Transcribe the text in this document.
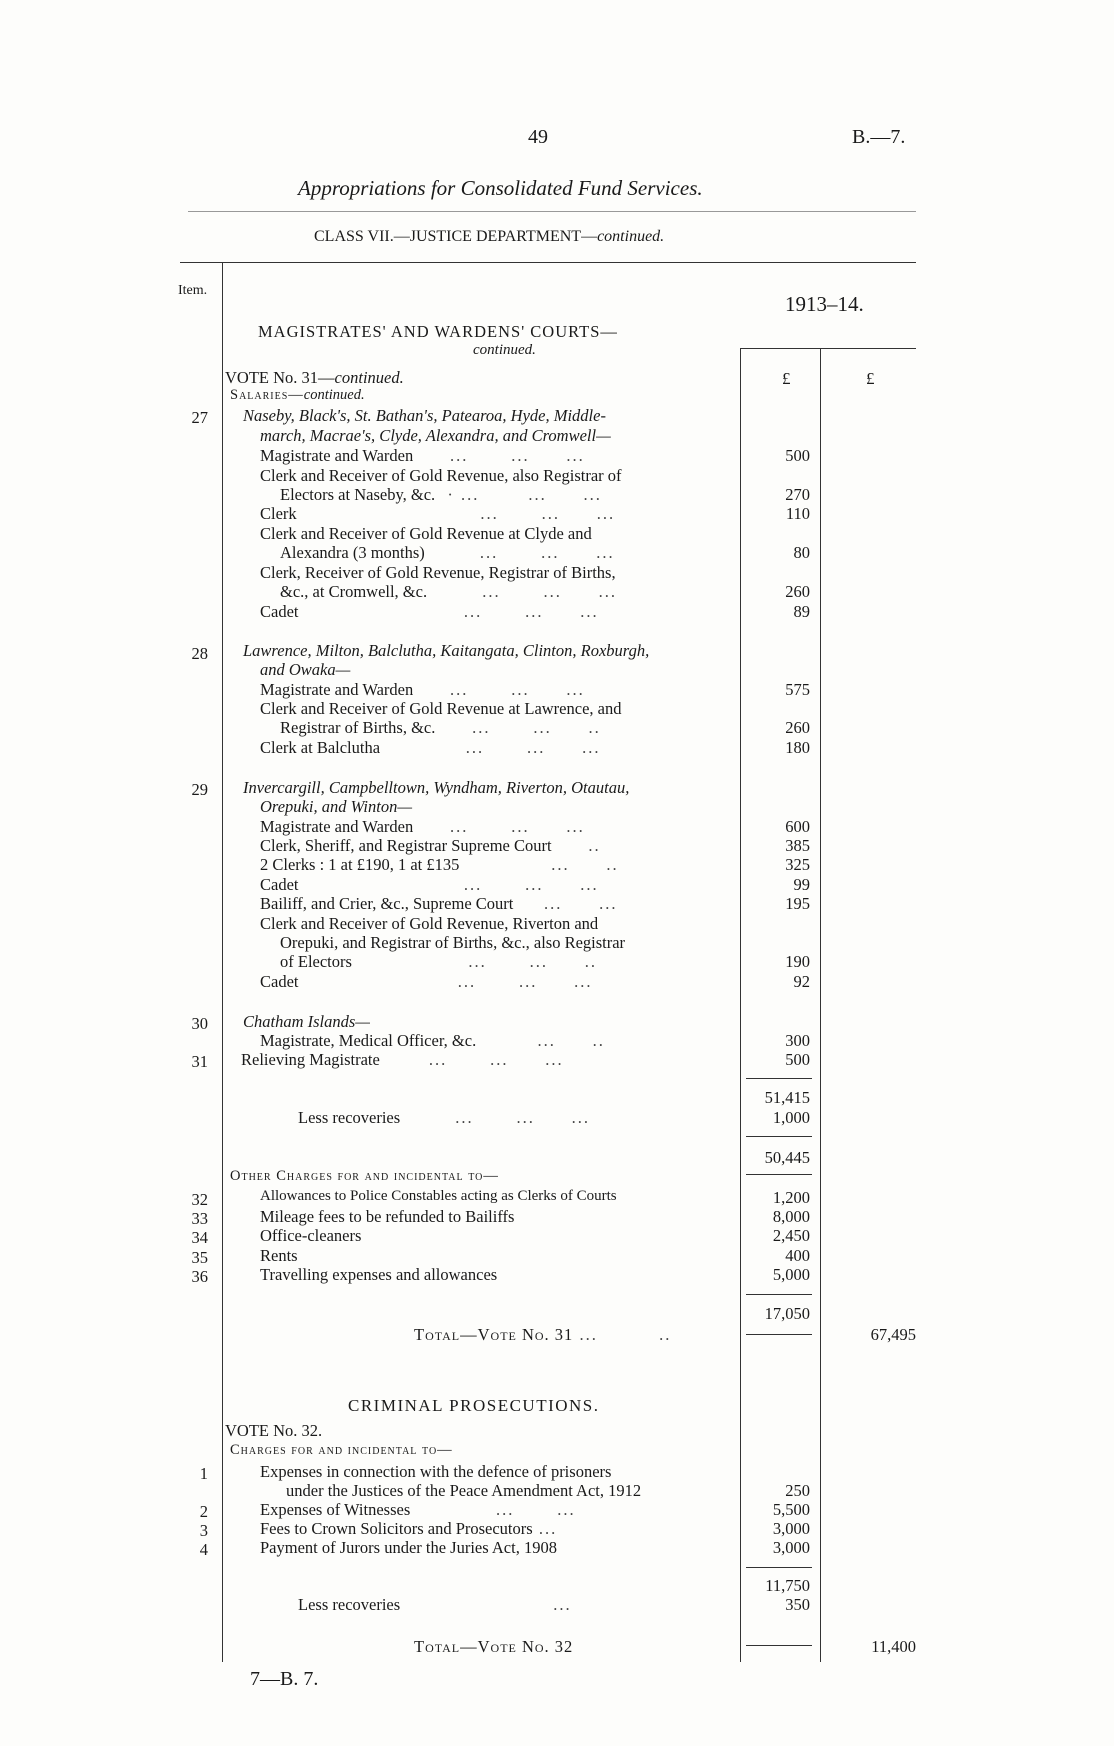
49	B.—7.
Appropriations for Consolidated Fund Services.
CLASS VII.—JUSTICE DEPARTMENT—continued.
Item.
1913–14.
£	£
MAGISTRATES' AND WARDENS' COURTS—
continued.
VOTE No. 31—continued.
Salaries—continued.
27 Naseby, Black's, St. Bathan's, Patearoa, Hyde, Middle-
march, Macrae's, Clyde, Alexandra, and Cromwell—
Magistrate and Warden      ...       ...      ...	500
Clerk and Receiver of Gold Revenue, also Registrar of
Electors at Naseby, &c.  · ...        ...      ...	270
Clerk                              ...       ...      ...	110
Clerk and Receiver of Gold Revenue at Clyde and
Alexandra (3 months)         ...       ...      ...	80
Clerk, Receiver of Gold Revenue, Registrar of Births,
&c., at Cromwell, &c.         ...       ...      ...	260
Cadet                           ...       ...      ...	89
28 Lawrence, Milton, Balclutha, Kaitangata, Clinton, Roxburgh,
and Owaka—
Magistrate and Warden      ...       ...      ...	575
Clerk and Receiver of Gold Revenue at Lawrence, and
Registrar of Births, &c.      ...       ...      ..	260
Clerk at Balclutha              ...       ...      ...	180
29 Invercargill, Campbelltown, Wyndham, Riverton, Otautau,
Orepuki, and Winton—
Magistrate and Warden      ...       ...      ...	600
Clerk, Sheriff, and Registrar Supreme Court      ..	385
2 Clerks : 1 at £190, 1 at £135               ...      ..	325
Cadet                           ...       ...      ...	99
Bailiff, and Crier, &c., Supreme Court     ...      ...	195
Clerk and Receiver of Gold Revenue, Riverton and
Orepuki, and Registrar of Births, &c., also Registrar
of Electors                   ...       ...      ..	190
Cadet                          ...       ...      ...	92
30 Chatham Islands—
Magistrate, Medical Officer, &c.          ...      ..	300
31 Relieving Magistrate        ...       ...      ...	500
51,415
Less recoveries         ...       ...      ...	1,000
50,445
Other Charges for and incidental to—
32	Allowances to Police Constables acting as Clerks of Courts	1,200
33	Mileage fees to be refunded to Bailiffs	8,000
34	Office-cleaners	2,450
35	Rents	400
36	Travelling expenses and allowances	5,000
17,050
Total—Vote No. 31 ...          ..	67,495
CRIMINAL PROSECUTIONS.
VOTE No. 32.
Charges for and incidental to—
1	Expenses in connection with the defence of prisoners
under the Justices of the Peace Amendment Act, 1912	250
2	Expenses of Witnesses              ...       ...	5,500
3	Fees to Crown Solicitors and Prosecutors ...	3,000
4	Payment of Jurors under the Juries Act, 1908	3,000
11,750
Less recoveries                         ...	350
Total—Vote No. 32	11,400
7—B. 7.
